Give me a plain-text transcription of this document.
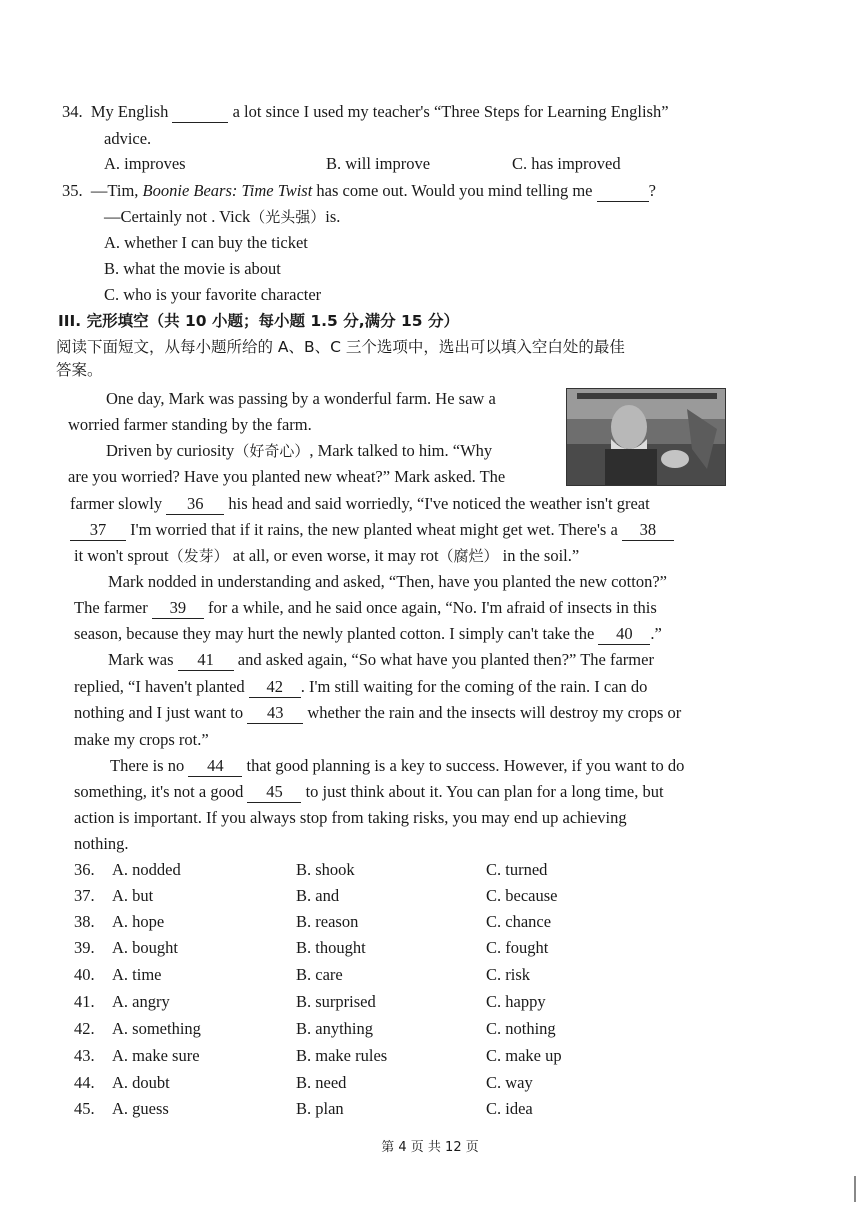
34. My English	a lot since I used my teacher's “Three Steps for Learning English”
advice.
A. improves	B. will improve	C. has improved
35. —Tim, Boonie Bears: Time Twist has come out. Would you mind telling me	?
—Certainly not . Vick（光头强）is.
A. whether I can buy the ticket
B. what the movie is about
C. who is your favorite character
III. 完形填空（共 10 小题；每小题 1.5 分,满分 15 分）
阅读下面短文，从每小题所给的 A、B、C 三个选项中，选出可以填入空白处的最佳
答案。
One day, Mark was passing by a wonderful farm. He saw a
worried farmer standing by the farm.
Driven by curiosity（好奇心）, Mark talked to him. “Why
are you worried? Have you planted new wheat?” Mark asked. The
farmer slowly 36 his head and said worriedly, “I've noticed the weather isn't great
37 I'm worried that if it rains, the new planted wheat might get wet. There's a 38
it won't sprout（发芽） at all, or even worse, it may rot（腐烂） in the soil.”
Mark nodded in understanding and asked, “Then, have you planted the new cotton?”
The farmer 39 for a while, and he said once again, “No. I'm afraid of insects in this
season, because they may hurt the newly planted cotton. I simply can't take the 40 .”
Mark was 41 and asked again, “So what have you planted then?” The farmer
replied, “I haven't planted 42 . I'm still waiting for the coming of the rain. I can do
nothing and I just want to 43 whether the rain and the insects will destroy my crops or
make my crops rot.”
There is no 44 that good planning is a key to success. However, if you want to do
something, it's not a good 45 to just think about it. You can plan for a long time, but
action is important. If you always stop from taking risks, you may end up achieving
nothing.
36. A. nodded	B. shook	C. turned
37. A. but	B. and	C. because
38. A. hope	B. reason	C. chance
39. A. bought	B. thought	C. fought
40. A. time	B. care	C. risk
41. A. angry	B. surprised	C. happy
42. A. something	B. anything	C. nothing
43. A. make sure	B. make rules	C. make up
44. A. doubt	B. need	C. way
45. A. guess	B. plan	C. idea
第 4 页 共 12 页
